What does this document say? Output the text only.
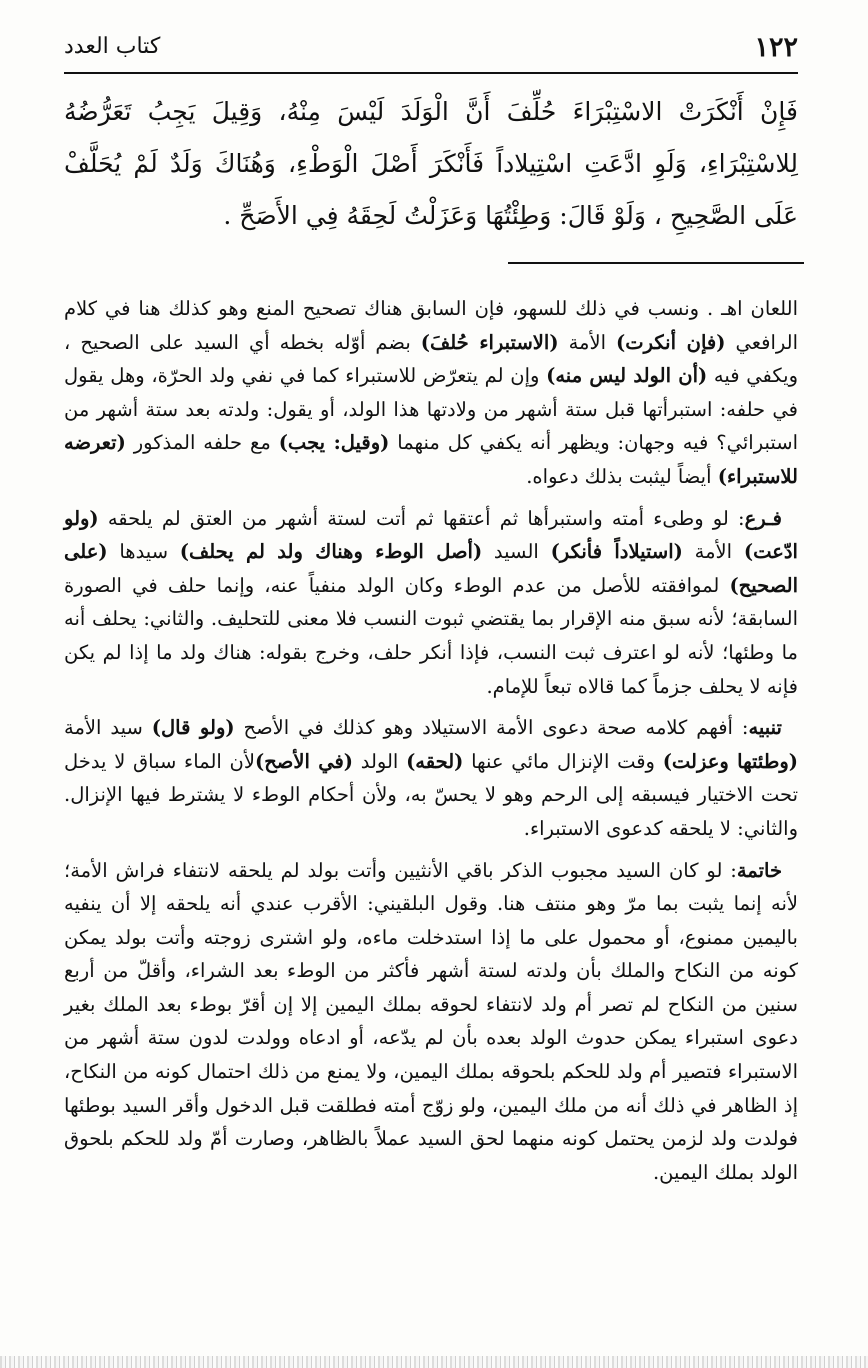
١٢٢
كتاب العدد

فَإِنْ أَنْكَرَتْ الاسْتِبْرَاءَ حُلِّفَ أَنَّ الْوَلَدَ لَيْسَ مِنْهُ، وَقِيلَ يَجِبُ تَعَرُّضُهُ لِلاسْتِبْرَاءِ، وَلَوِ ادَّعَتِ اسْتِيلاداً فَأَنْكَرَ أَصْلَ الْوَطْءِ، وَهُنَاكَ وَلَدٌ لَمْ يُحَلَّفْ عَلَى الصَّحِيحِ ، وَلَوْ قَالَ: وَطِئْتُهَا وَعَزَلْتُ لَحِقَهُ فِي الأَصَحِّ .

اللعان اهـ . ونسب في ذلك للسهو، فإن السابق هناك تصحيح المنع وهو كذلك هنا في كلام الرافعي (فإن أنكرت) الأمة (الاستبراء حُلفَ) بضم أوّله بخطه أي السيد على الصحيح ، ويكفي فيه (أن الولد ليس منه) وإن لم يتعرّض للاستبراء كما في نفي ولد الحرّة، وهل يقول في حلفه: استبرأتها قبل ستة أشهر من ولادتها هذا الولد، أو يقول: ولدته بعد ستة أشهر من استبرائي؟ فيه وجهان: ويظهر أنه يكفي كل منهما (وقيل: يجب) مع حلفه المذكور (تعرضه للاستبراء) أيضاً ليثبت بذلك دعواه.

فـرع: لو وطىء أمته واستبرأها ثم أعتقها ثم أتت لستة أشهر من العتق لم يلحقه (ولو ادّعت) الأمة (استيلاداً فأنكر) السيد (أصل الوطء وهناك ولد لم يحلف) سيدها (على الصحيح) لموافقته للأصل من عدم الوطء وكان الولد منفياً عنه، وإنما حلف في الصورة السابقة؛ لأنه سبق منه الإقرار بما يقتضي ثبوت النسب فلا معنى للتحليف. والثاني: يحلف أنه ما وطئها؛ لأنه لو اعترف ثبت النسب، فإذا أنكر حلف، وخرج بقوله: هناك ولد ما إذا لم يكن فإنه لا يحلف جزماً كما قالاه تبعاً للإمام.

تنبيه: أفهم كلامه صحة دعوى الأمة الاستيلاد وهو كذلك في الأصح (ولو قال) سيد الأمة (وطئتها وعزلت) وقت الإنزال مائي عنها (لحقه) الولد (في الأصح)لأن الماء سباق لا يدخل تحت الاختيار فيسبقه إلى الرحم وهو لا يحسّ به، ولأن أحكام الوطء لا يشترط فيها الإنزال. والثاني: لا يلحقه كدعوى الاستبراء.

خاتمة: لو كان السيد مجبوب الذكر باقي الأنثيين وأتت بولد لم يلحقه لانتفاء فراش الأمة؛ لأنه إنما يثبت بما مرّ وهو منتف هنا. وقول البلقيني: الأقرب عندي أنه يلحقه إلا أن ينفيه باليمين ممنوع، أو محمول على ما إذا استدخلت ماءه، ولو اشترى زوجته وأتت بولد يمكن كونه من النكاح والملك بأن ولدته لستة أشهر فأكثر من الوطء بعد الشراء، وأقلّ من أربع سنين من النكاح لم تصر أم ولد لانتفاء لحوقه بملك اليمين إلا إن أقرّ بوطء بعد الملك بغير دعوى استبراء يمكن حدوث الولد بعده بأن لم يدّعه، أو ادعاه وولدت لدون ستة أشهر من الاستبراء فتصير أم ولد للحكم بلحوقه بملك اليمين، ولا يمنع من ذلك احتمال كونه من النكاح، إذ الظاهر في ذلك أنه من ملك اليمين، ولو زوّج أمته فطلقت قبل الدخول وأقر السيد بوطئها فولدت ولد لزمن يحتمل كونه منهما لحق السيد عملاً بالظاهر، وصارت أمّ ولد للحكم بلحوق الولد بملك اليمين.
